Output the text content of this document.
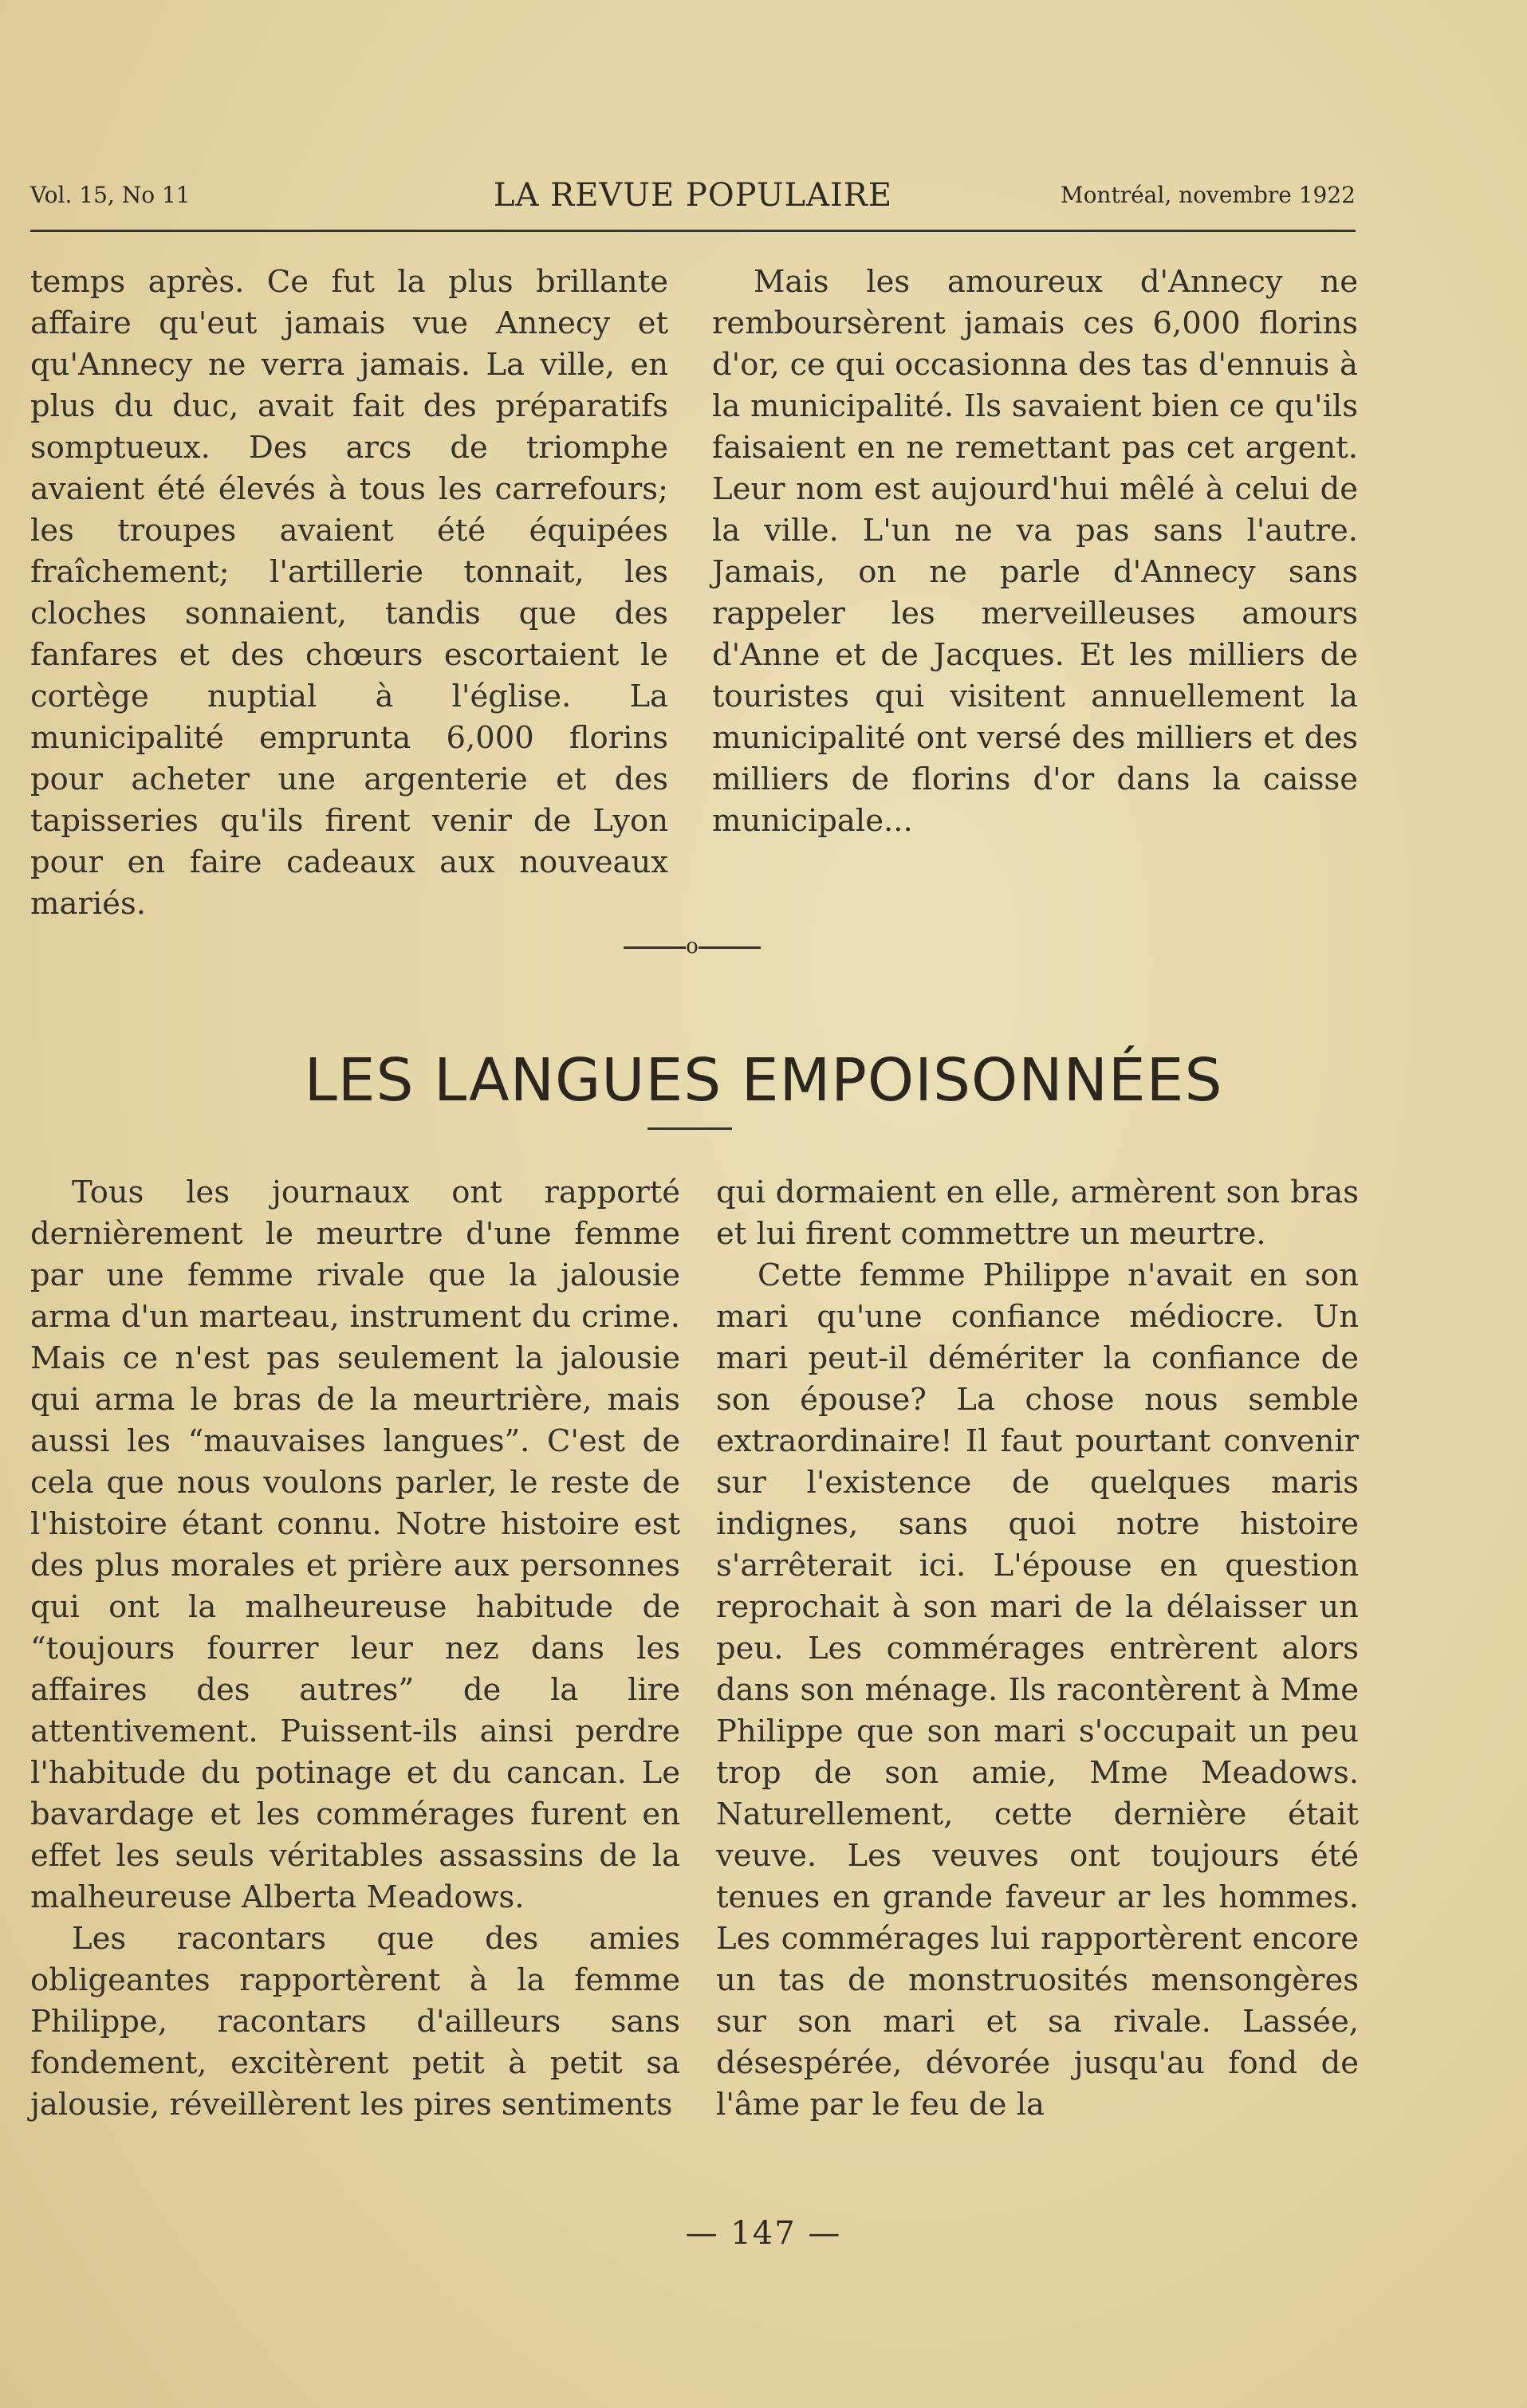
Vol. 15, No 11	LA REVUE POPULAIRE	Montréal, novembre 1922

temps après. Ce fut la plus brillante affaire qu'eut jamais vue Annecy et qu'Annecy ne verra jamais. La ville, en plus du duc, avait fait des préparatifs somptueux. Des arcs de triomphe avaient été élevés à tous les carrefours; les troupes avaient été équipées fraîchement; l'artillerie tonnait, les cloches sonnaient, tandis que des fanfares et des chœurs escortaient le cortège nuptial à l'église. La municipalité emprunta 6,000 florins pour acheter une argenterie et des tapisseries qu'ils firent venir de Lyon pour en faire cadeaux aux nouveaux mariés.

Mais les amoureux d'Annecy ne remboursèrent jamais ces 6,000 florins d'or, ce qui occasionna des tas d'ennuis à la municipalité. Ils savaient bien ce qu'ils faisaient en ne remettant pas cet argent. Leur nom est aujourd'hui mêlé à celui de la ville. L'un ne va pas sans l'autre. Jamais, on ne parle d'Annecy sans rappeler les merveilleuses amours d'Anne et de Jacques. Et les milliers de touristes qui visitent annuellement la municipalité ont versé des milliers et des milliers de florins d'or dans la caisse municipale...

o
LES LANGUES EMPOISONNÉES

Tous les journaux ont rapporté dernièrement le meurtre d'une femme par une femme rivale que la jalousie arma d'un marteau, instrument du crime. Mais ce n'est pas seulement la jalousie qui arma le bras de la meurtrière, mais aussi les “mauvaises langues”. C'est de cela que nous voulons parler, le reste de l'histoire étant connu. Notre histoire est des plus morales et prière aux personnes qui ont la malheureuse habitude de “toujours fourrer leur nez dans les affaires des autres” de la lire attentivement. Puissent-ils ainsi perdre l'habitude du potinage et du cancan. Le bavardage et les commérages furent en effet les seuls véritables assassins de la malheureuse Alberta Meadows.

Les racontars que des amies obligeantes rapportèrent à la femme Philippe, racontars d'ailleurs sans fondement, excitèrent petit à petit sa jalousie, réveillèrent les pires sentiments

qui dormaient en elle, armèrent son bras et lui firent commettre un meurtre.

Cette femme Philippe n'avait en son mari qu'une confiance médiocre. Un mari peut-il démériter la confiance de son épouse? La chose nous semble extraordinaire! Il faut pourtant convenir sur l'existence de quelques maris indignes, sans quoi notre histoire s'arrêterait ici. L'épouse en question reprochait à son mari de la délaisser un peu. Les commérages entrèrent alors dans son ménage. Ils racontèrent à Mme Philippe que son mari s'occupait un peu trop de son amie, Mme Meadows. Naturellement, cette dernière était veuve. Les veuves ont toujours été tenues en grande faveur ar les hommes. Les commérages lui rapportèrent encore un tas de monstruosités mensongères sur son mari et sa rivale. Lassée, désespérée, dévorée jusqu'au fond de l'âme par le feu de la

— 147 —
